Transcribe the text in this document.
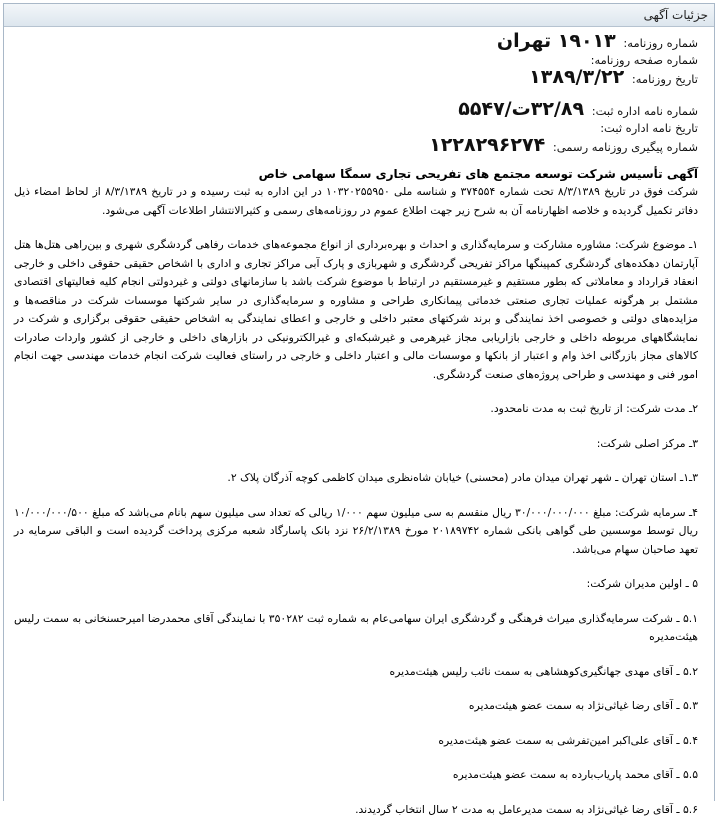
جزئیات آگهی
شماره روزنامه: ۱۹۰۱۳ تهران
شماره صفحه روزنامه:
تاریخ روزنامه: ۱۳۸۹/۳/۲۲
شماره نامه اداره ثبت: ۳۲/۸۹ت/۵۵۴۷
تاریخ نامه اداره ثبت:
شماره پیگیری روزنامه رسمی: ۱۲۲۸۲۹۶۲۷۴
آگهی تأسیس شرکت توسعه مجتمع های تفریحی تجاری سمگا سهامی خاص

شرکت فوق در تاریخ ۸/۳/۱۳۸۹ تحت شماره ۳۷۴۵۵۴ و شناسه ملی ۱۰۳۲۰۲۵۵۹۵۰ در این اداره به ثبت رسیده و در تاریخ ۸/۳/۱۳۸۹ از لحاظ امضاء ذیل دفاتر تکمیل گردیده و خلاصه اظهارنامه آن به شرح زیر جهت اطلاع عموم در روزنامه‌های رسمی و کثیرالانتشار اطلاعات آگهی می‌شود.

۱ـ موضوع شرکت: مشاوره مشارکت و سرمایه‌گذاری و احداث و بهره‌برداری از انواع مجموعه‌های خدمات رفاهی گردشگری شهری و بین‌راهی هتل‌ها هتل آپارتمان دهکده‌های گردشگری کمپینگها مراکز تفریحی گردشگری و شهربازی و پارک آبی مراکز تجاری و اداری با اشخاص حقیقی حقوقی داخلی و خارجی انعقاد قرارداد و معاملاتی که بطور مستقیم و غیرمستقیم در ارتباط با موضوع شرکت باشد با سازمانهای دولتی و غیردولتی انجام کلیه فعالیتهای اقتصادی مشتمل بر هرگونه عملیات تجاری صنعتی خدماتی پیمانکاری طراحی و مشاوره و سرمایه‌گذاری در سایر شرکتها موسسات شرکت در مناقصه‌ها و مزایده‌های دولتی و خصوصی اخذ نمایندگی و برند شرکتهای معتبر داخلی و خارجی و اعطای نمایندگی به اشخاص حقیقی حقوقی برگزاری و شرکت در نمایشگاههای مربوطه داخلی و خارجی بازاریابی مجاز غیرهرمی و غیرشبکه‌ای و غیرالکترونیکی در بازارهای داخلی و خارجی از کشور واردات صادرات کالاهای مجاز بازرگانی اخذ وام و اعتبار از بانکها و موسسات مالی و اعتبار داخلی و خارجی در راستای فعالیت شرکت انجام خدمات مهندسی جهت انجام امور فنی و مهندسی و طراحی پروژه‌های صنعت گردشگری.

۲ـ مدت شرکت: از تاریخ ثبت به مدت نامحدود.

۳ـ مرکز اصلی شرکت:

۳ـ۱ـ استان تهران ـ شهر تهران میدان مادر (محسنی) خیابان شاه‌نظری میدان کاظمی کوچه آذرگان پلاک ۲.

۴ـ سرمایه شرکت: مبلغ ۳۰/۰۰۰/۰۰۰/۰۰۰ ریال منقسم به سی میلیون سهم ۱/۰۰۰ ریالی که تعداد سی میلیون سهم بانام می‌باشد که مبلغ ۱۰/۰۰۰/۰۰۰/۵۰۰ ریال توسط موسسین طی گواهی بانکی شماره ۲۰۱۸۹۷۴۲ مورخ ۲۶/۲/۱۳۸۹ نزد بانک پاسارگاد شعبه مرکزی پرداخت گردیده است و الباقی سرمایه در تعهد صاحبان سهام می‌باشد.

۵ ـ اولین مدیران شرکت:

۵.۱ ـ شرکت سرمایه‌گذاری میراث فرهنگی و گردشگری ایران سهامی‌عام به شماره ثبت ۳۵۰۲۸۲ با نمایندگی آقای محمدرضا امیرحسنخانی به سمت رلیس هیئت‌مدیره

۵.۲ ـ آقای مهدی جهانگیری‌کوهشاهی به سمت نائب رلیس هیئت‌مدیره

۵.۳ ـ آقای رضا غیاثی‌نژاد به سمت عضو هیئت‌مدیره

۵.۴ ـ آقای علی‌اکبر امین‌تفرشی به سمت عضو هیئت‌مدیره

۵.۵ ـ آقای محمد پاریاب‌بارده به سمت عضو هیئت‌مدیره

۵.۶ ـ آقای رضا غیاثی‌نژاد به سمت مدیرعامل به مدت ۲ سال انتخاب گردیدند.
